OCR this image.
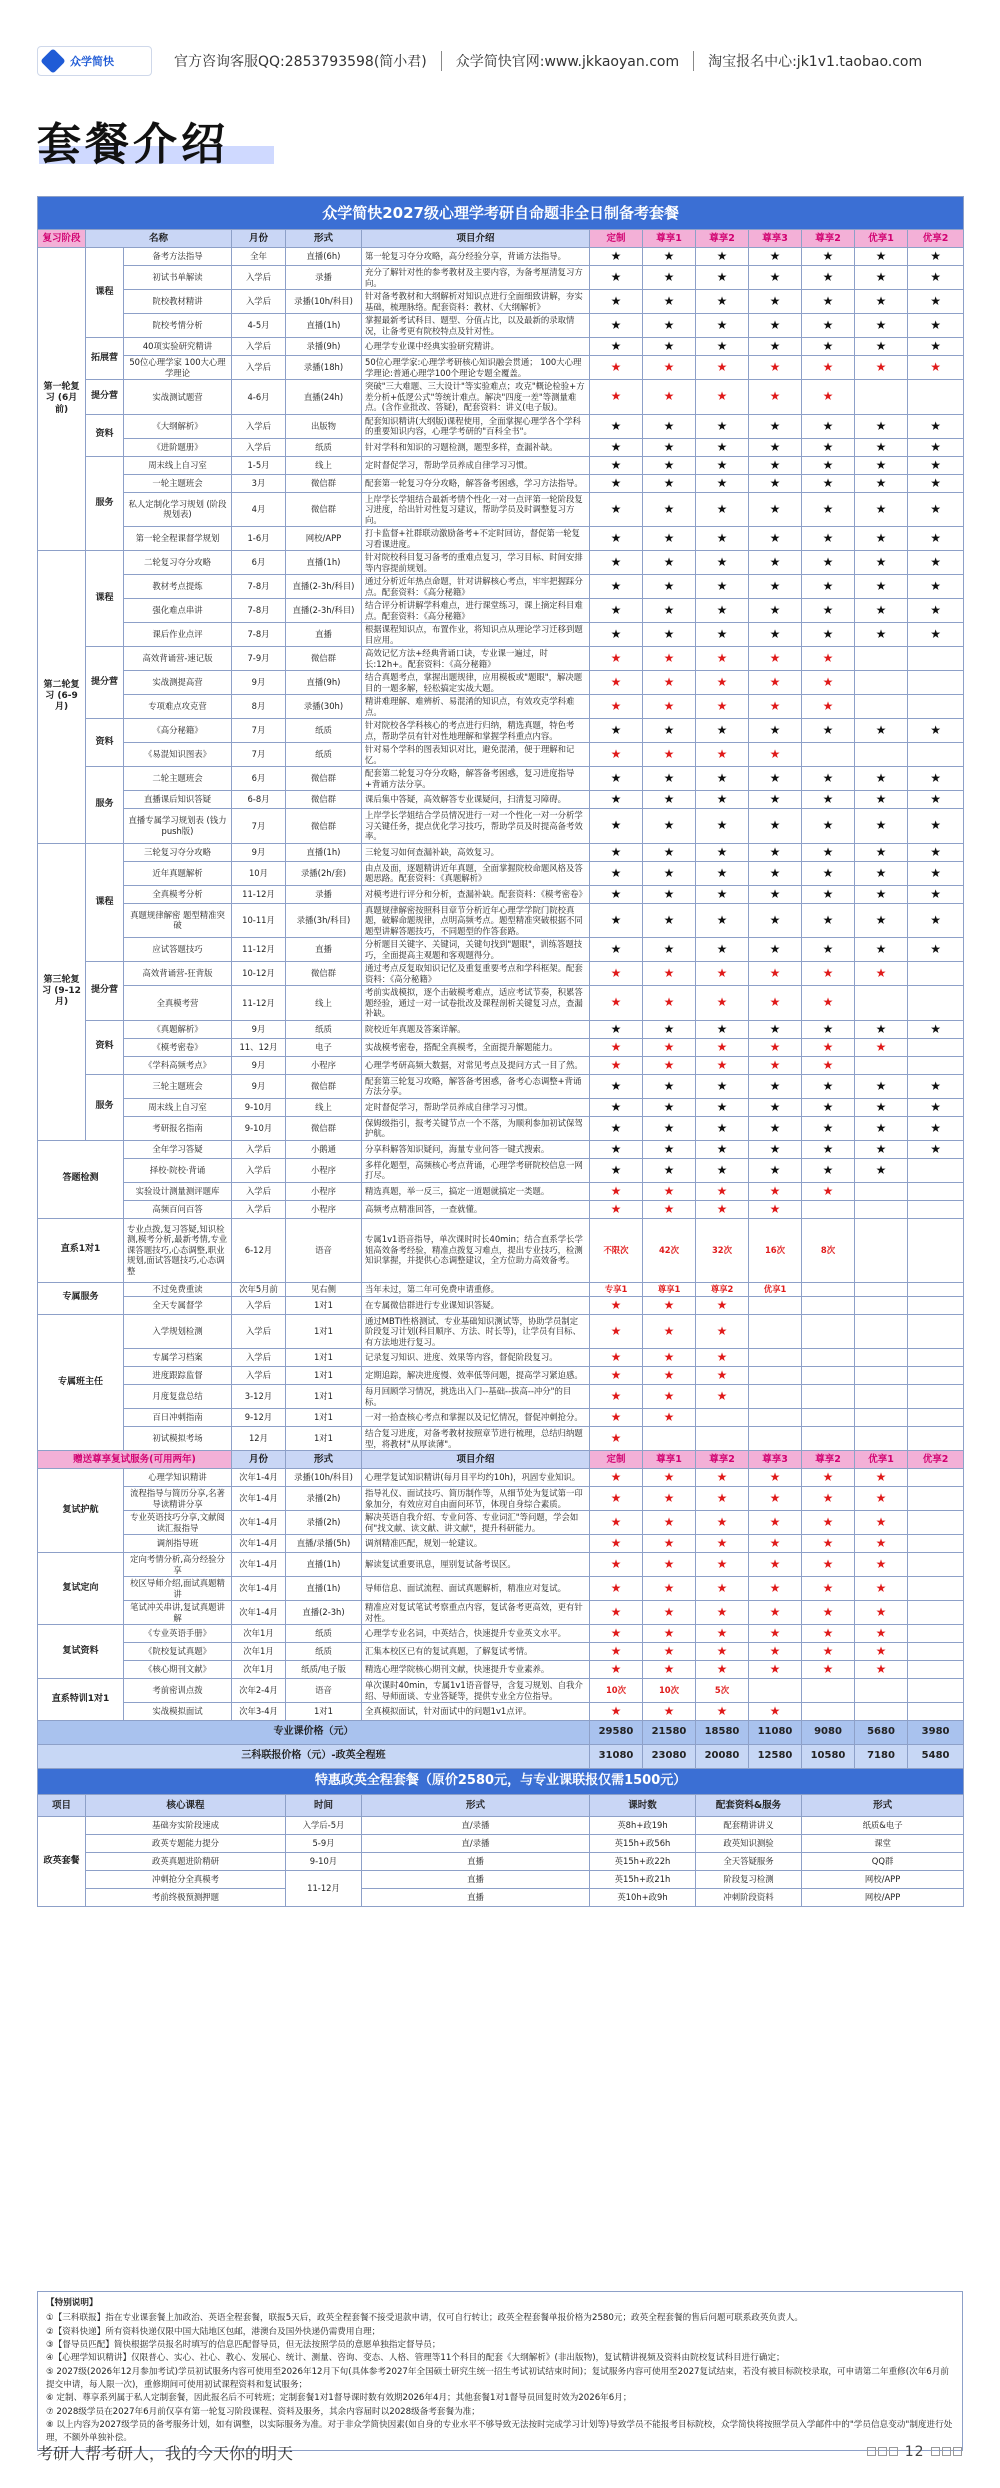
众学简快	官方咨询客服QQ:2853793598(简小君)	众学简快官网:www.jkkaoyan.com	淘宝报名中心:jk1v1.taobao.com
套餐介绍
众学简快2027级心理学考研自命题非全日制备考套餐												
复习阶段	名称		月份	形式	项目介绍	定制	尊享1	尊享2	尊享3	尊享2	优享1	优享2
第一轮复习 (6月前)	课程	备考方法指导	全年	直播(6h)	第一轮复习夺分攻略，高分经验分享，背诵方法指导。	★	★	★	★	★	★	★
		初试书单解读	入学后	录播	充分了解针对性的参考教材及主要内容，为备考厘清复习方向。	★	★	★	★	★	★	★
		院校教材精讲	入学后	录播(10h/科目)	针对备考教材和大纲解析对知识点进行全面细致讲解，夯实基础，梳理脉络。配套资料：教材、《大纲解析》	★	★	★	★	★	★	★
		院校考情分析	4-5月	直播(1h)	掌握最新考试科目、题型、分值占比，以及最新的录取情况，让备考更有院校特点及针对性。	★	★	★	★	★	★	★
	拓展营	40项实验研究精讲	入学后	录播(9h)	心理学专业课中经典实验研究精讲。	★	★	★	★	★	★	★
		50位心理学家 100大心理学理论	入学后	录播(18h)	50位心理学家:心理学考研核心知识融会贯通； 100大心理学理论:普通心理学100个理论专题全覆盖。	★	★	★	★	★	★	★
	提分营	实战测试题营	4-6月	直播(24h)	突破"三大难题、三大设计"等实验难点；攻克"概论检验+方差分析+低逻公式"等统计难点。解决"四度一差"等测量难点。(含作业批改、答疑)，配套资料：讲义(电子版)。	★	★	★	★	★		
	资料	《大纲解析》	入学后	出版物	配套知识精讲(大纲版)课程使用，全面掌握心理学各个学科的重要知识内容，心理学考研的"百科全书"。	★	★	★	★	★	★	★
		《进阶题册》	入学后	纸质	针对学科和知识的习题检测，题型多样，查漏补缺。	★	★	★	★	★	★	★
	服务	周末线上自习室	1-5月	线上	定时督促学习，帮助学员养成自律学习习惯。	★	★	★	★	★	★	★
		一轮主题班会	3月	微信群	配套第一轮复习夺分攻略，解答备考困惑，学习方法指导。	★	★	★	★	★	★	★
		私人定制化学习规划 (阶段规划表)	4月	微信群	上岸学长学姐结合最新考情个性化一对一点评第一轮阶段复习进度，给出针对性复习建议，帮助学员及时调整复习方向。	★	★	★	★	★	★	★
		第一轮全程课督学规划	1-6月	网校/APP	打卡监督+社群联动激励备考+不定时回访，督促第一轮复习看课进度。	★	★	★	★	★	★	★
第二轮复习 (6-9月)	课程	二轮复习夺分攻略	6月	直播(1h)	针对院校科目复习备考的重难点复习，学习目标、时间安排等内容提前规划。	★	★	★	★	★	★	★
		教材考点提炼	7-8月	直播(2-3h/科目)	通过分析近年热点命题，针对讲解核心考点，牢牢把握踩分点。配套资料：《高分秘籍》	★	★	★	★	★	★	★
		强化难点串讲	7-8月	直播(2-3h/科目)	结合评分析讲解学科难点，进行课堂练习，课上摘定科目难点。配套资料：《高分秘籍》	★	★	★	★	★	★	★
		课后作业点评	7-8月	直播	根据课程知识点，布置作业，将知识点从理论学习迁移到题目应用。	★	★	★	★	★	★	★
	提分营	高效背诵营-速记版	7-9月	微信群	高效记忆方法+经典背诵口诀，专业课一遍过，时长:12h+。配套资料：《高分秘籍》	★	★	★	★	★		
		实战测提高营	9月	直播(9h)	结合真题考点，掌握出题规律，应用模板或"题眼"，解决题目的一题多解，轻松搞定实战大题。	★	★	★	★	★		
		专项难点攻克营	8月	录播(30h)	精讲难理解、难辨析、易混淆的知识点，有效攻克学科难点。	★	★	★	★	★		
	资料	《高分秘籍》	7月	纸质	针对院校各学科核心的考点进行归纳，精选真题，特色考点，帮助学员有针对性地理解和掌握学科重点内容。	★	★	★	★	★	★	★
		《易混知识图表》	7月	纸质	针对易个学科的图表知识对比，避免混淆，便于理解和记忆。	★	★	★	★			
	服务	二轮主题班会	6月	微信群	配套第二轮复习夺分攻略，解答备考困惑，复习进度指导+背诵方法分享。	★	★	★	★	★	★	★
		直播课后知识答疑	6-8月	微信群	课后集中答疑，高效解答专业课疑问，扫清复习障碍。	★	★	★	★	★	★	★
		直播专属学习规划表 (钱力push版)	7月	微信群	上岸学长学姐结合学员情况进行一对一个性化一对一分析学习关键任务，提点优化学习技巧，帮助学员及时提高备考效率。	★	★	★	★	★	★	★
第三轮复习 (9-12月)	课程	三轮复习夺分攻略	9月	直播(1h)	三轮复习如何查漏补缺，高效复习。	★	★	★	★	★	★	★
		近年真题解析	10月	录播(2h/套)	由点及面，逐题精讲近年真题，全面掌握院校命题风格及答题思路。配套资料：《真题解析》	★	★	★	★	★	★	★
		全真模考分析	11-12月	录播	对模考进行评分和分析，查漏补缺。配套资料：《模考密卷》	★	★	★	★	★	★	★
		真题规律解密 题型精准突破	10-11月	录播(3h/科目)	真题规律解密按照科目章节分析近年心理学学院门院校真题，破解命题规律，点明高频考点。题型精准突破根据不同题型讲解答题技巧，不同题型的作答套路。	★	★	★	★	★	★	★
		应试答题技巧	11-12月	直播	分析题目关键字、关键词，关键句找到"题眼"，训练答题技巧，全面提高主观题和客观题得分。	★	★	★	★	★	★	★
	提分营	高效背诵营-狂背版	10-12月	微信群	通过考点反复取知识记忆及重复重要考点和学科框架。配套资料：《高分秘籍》	★	★	★	★	★	★	
		全真模考营	11-12月	线上	考前实战模拟，逐个击破模考难点，适应考试节奏，积累答题经验，通过一对一试卷批改及课程剖析关键复习点，查漏补缺。	★	★	★	★	★		
	资料	《真题解析》	9月	纸质	院校近年真题及答案详解。	★	★	★	★	★	★	★
		《模考密卷》	11、12月	电子	实战模考密卷，搭配全真模考，全面提升解题能力。	★	★	★	★	★	★	
		《学科高频考点》	9月	小程序	心理学考研高频大数据，对常见考点及提问方式一目了然。	★	★	★	★	★		
	服务	三轮主题班会	9月	微信群	配套第三轮复习攻略，解答备考困惑，备考心态调整+背诵方法分享。	★	★	★	★	★	★	★
		周末线上自习室	9-10月	线上	定时督促学习，帮助学员养成自律学习习惯。	★	★	★	★	★	★	★
		考研报名指南	9-10月	微信群	保姆级指引，报考关键节点一个不落，为顺利参加初试保驾护航。	★	★	★	★	★	★	★
答题检测		全年学习答疑	入学后	小鹅通	分享科解答知识疑问，海量专业问答一键式搜索。	★	★	★	★	★	★	★
		择校·院校·背诵	入学后	小程序	多样化题型，高频核心考点背诵，心理学考研院校信息一网打尽。	★	★	★	★	★	★	
		实验设计测量测评题库	入学后	小程序	精选真题，举一反三，搞定一道题就搞定一类题。	★	★	★	★	★		
		高频百问百答	入学后	小程序	高频考点精准回答，一查就懂。	★	★	★	★			
直系1对1		专业点拨,复习答疑,知识检测,模考分析,最新考情,专业课答题技巧,心态调整,职业规划,面试答题技巧,心态调整	6-12月	语音	专属1v1语音指导，单次课时时长40min；结合直系学长学姐高效备考经验，精准点拨复习难点，提出专业技巧，检测知识掌握，并提供心态调整建议，全方位助力高效备考。	不限次	42次	32次	16次	8次		
专属服务		不过免费重读	次年5月前	见右侧	当年未过，第二年可免费申请重修。	专享1	尊享1	尊享2	优享1			
		全天专属督学	入学后	1对1	在专属微信群进行专业课知识答疑。	★	★	★				
专属班主任		入学规划检测	入学后	1对1	通过MBTI性格测试、专业基础知识测试等，协助学员制定阶段复习计划(科目顺序、方法、时长等)，让学员有目标、有方法地进行复习。	★	★	★				
		专属学习档案	入学后	1对1	记录复习知识、进度、效果等内容，督促阶段复习。	★	★	★				
		进度跟踪监督	入学后	1对1	定期追踪，解决进度慢、效率低等问题，提高学习紧迫感。	★	★	★				
		月度复盘总结	3-12月	1对1	每月回顾学习情况，挑选出入门--基础--拔高--冲分"的目标。	★	★	★				
		百日冲刺指南	9-12月	1对1	一对一拾查核心考点和掌握以及记忆情况，督促冲刺抢分。	★	★					
		初试模拟考场	12月	1对1	结合复习进度，对备考教材按照章节进行梳理，总结归纳题型，将教材"从厚读薄"。	★						
赠送尊享复试服务(可用两年)			月份	形式	项目介绍	定制	尊享1	尊享2	尊享3	尊享2	优享1	优享2
复试护航		心理学知识精讲	次年1-4月	录播(10h/科目)	心理学复试知识精讲(每月目平均约10h)，巩固专业知识。	★	★	★	★	★	★	
		流程指导与简历分享,名著导读精讲分享	次年1-4月	录播(2h)	指导礼仪、面试技巧、简历制作等，从细节处为复试第一印象加分，有效应对自由面问环节，体现自身综合素质。	★	★	★	★	★	★	
		专业英语技巧分享,文献阅读汇报指导	次年1-4月	录播(2h)	解决英语自我介绍、专业问答、专业词汇"等问题，学会如何"找文献、读文献、讲文献"，提升科研能力。	★	★	★	★	★	★	
		调剂指导班	次年1-4月	直播/录播(5h)	调剂精准匹配，规划一轮建议。	★	★	★	★	★	★	
复试定向		定向考情分析,高分经验分享	次年1-4月	直播(1h)	解读复试重要讯息，厘别复试备考误区。	★	★	★	★	★	★	
		校区导师介绍,面试真题精讲	次年1-4月	直播(1h)	导师信息、面试流程、面试真题解析，精准应对复试。	★	★	★	★	★	★	
		笔试冲关串讲,复试真题讲解	次年1-4月	直播(2-3h)	精准应对复试笔试考察重点内容，复试备考更高效，更有针对性。	★	★	★	★	★	★	
复试资料		《专业英语手册》	次年1月	纸质	心理学专业名词，中英结合，快速提升专业英文水平。	★	★	★	★	★	★	
		《院校复试真题》	次年1月	纸质	汇集本校区已有的复试真题，了解复试考情。	★	★	★	★	★	★	
		《核心期刊文献》	次年1月	纸质/电子版	精选心理学院核心期刊文献，快速提升专业素养。	★	★	★	★	★	★	
直系特训1对1		考前密训点拨	次年2-4月	语音	单次课时40min，专属1v1语音督导，含复习规划、自我介绍、导师面谈、专业答疑等，提供专业全方位指导。	10次	10次	5次				
		实战模拟面试	次年3-4月	1对1	全真模拟面试，针对面试中的问题1v1点评。	★	★	★	★			
专业课价格（元）						29580	21580	18580	11080	9080	5680	3980
三科联报价格（元）-政英全程班						31080	23080	20080	12580	10580	7180	5480
特惠政英全程套餐（原价2580元，与专业课联报仅需1500元）												
项目	核心课程			时间	形式	课时数		配套资料&服务		形式		
政英套餐	基础夯实阶段速成			入学后-5月	直/录播	英8h+政19h		配套精讲讲义		纸质&电子		
	政英专题能力提分			5-9月	直/录播	英15h+政56h		政英知识测验		课堂		
	政英真题进阶精研			9-10月	直播	英15h+政22h		全天答疑服务		QQ群		
	冲刺抢分全真模考			11-12月	直播	英15h+政21h		阶段复习检测		网校/APP		
	考前终极预测押题				直播	英10h+政9h		冲刺阶段资料		网校/APP		
【特别说明】
①【三科联报】指在专业课套餐上加政治、英语全程套餐，联报5天后，政英全程套餐不接受退款申请，仅可自行转让；政英全程套餐单报价格为2580元；政英全程套餐的售后问题可联系政英负责人。
②【资料快递】所有资料快递仅限中国大陆地区包邮，港澳台及国外快递仍需费用自理；
③【督导员匹配】简快根据学员报名时填写的信息匹配督导员，但无法按照学员的意愿单独指定督导员；
④【心理学知识精讲】仅限普心、实心、社心、教心、发展心、统计、测量、咨询、变态、人格、管理等11个科目的配套《大纲解析》(非出版物)，复试精讲视频及资料由院校复试科目进行确定；
⑤ 2027级(2026年12月参加考试)学员初试服务内容可使用至2026年12月下旬(具体参考2027年全国硕士研究生统一招生考试初试结束时间)；复试服务内容可使用至2027复试结束，若没有被目标院校录取，可申请第二年重修(次年6月前提交申请，每人限一次)，重修期间可使用初试课程资料和复试服务；
⑥ 定制、尊享系列属于私人定制套餐，因此报名后不可转班；定制套餐1对1督导课时数有效期2026年4月；其他套餐1对1督导员回复时效为2026年6月；
⑦ 2028级学员在2027年6月前仅享有第一轮复习阶段课程、资料及服务，其余内容届时以2028级备考套餐为准；
⑧ 以上内容为2027级学员的备考服务计划，如有调整，以实际服务为准。对于非众学简快因素(如自身的专业水平不够导致无法按时完成学习计划等)导致学员不能报考目标院校，众学简快将按照学员入学邮件中的"学员信息变动"制度进行处理，不额外单独补偿。
考研人帮考研人，我的今天你的明天	12
